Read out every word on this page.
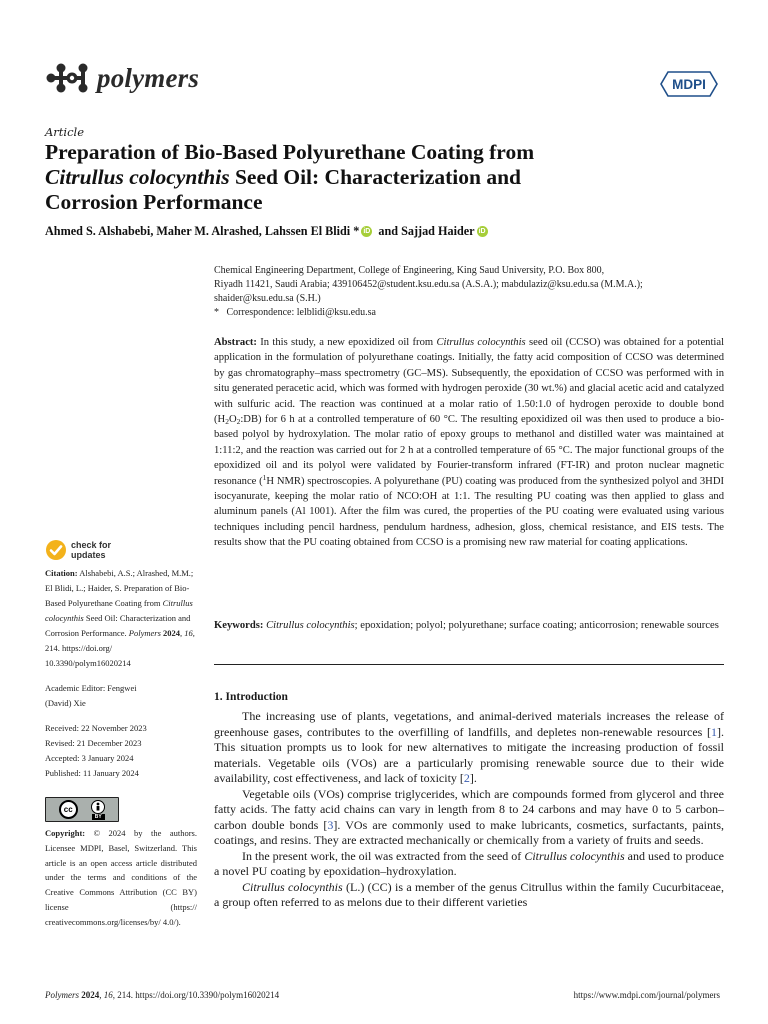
polymers	MDPI
Article
Preparation of Bio-Based Polyurethane Coating from
Citrullus colocynthis Seed Oil: Characterization and
Corrosion Performance
Ahmed S. Alshabebi, Maher M. Alrashed, Lahssen El Blidi * iD and Sajjad Haider iD

Chemical Engineering Department, College of Engineering, King Saud University, P.O. Box 800,

Riyadh 11421, Saudi Arabia; 439106452@student.ksu.edu.sa (A.S.A.); mabdulaziz@ksu.edu.sa (M.M.A.);

shaider@ksu.edu.sa (S.H.)

*   Correspondence: lelblidi@ksu.edu.sa

Abstract: In this study, a new epoxidized oil from Citrullus colocynthis seed oil (CCSO) was obtained for a potential application in the formulation of polyurethane coatings. Initially, the fatty acid composition of CCSO was determined by gas chromatography–mass spectrometry (GC–MS). Subsequently, the epoxidation of CCSO was performed with in situ generated peracetic acid, which was formed with hydrogen peroxide (30 wt.%) and glacial acetic acid and catalyzed with sulfuric acid. The reaction was continued at a molar ratio of 1.50:1.0 of hydrogen peroxide to double bond $(H_2O_2:DB)$ for 6 h at a controlled temperature of 60 °C. The resulting epoxidized oil was then used to produce a bio-based polyol by hydroxylation. The molar ratio of epoxy groups to methanol and distilled water was maintained at 1:11:2, and the reaction was carried out for 2 h at a controlled temperature of 65 °C. The major functional groups of the epoxidized oil and its polyol were validated by Fourier-transform infrared (FT-IR) and proton nuclear magnetic resonance ($^1$H NMR) spectroscopies. A polyurethane (PU) coating was produced from the synthesized polyol and 3HDI isocyanurate, keeping the molar ratio of NCO:OH at 1:1. The resulting PU coating was then applied to glass and aluminum panels (Al 1001). After the film was cured, the properties of the PU coating were evaluated using various techniques including pencil hardness, pendulum hardness, adhesion, gloss, chemical resistance, and EIS tests. The results show that the PU coating obtained from CCSO is a promising new raw material for coating applications.
Keywords: Citrullus colocynthis; epoxidation; polyol; polyurethane; surface coating; anticorrosion; renewable sources
check for
updates

Citation: Alshabebi, A.S.; Alrashed, M.M.; El Blidi, L.; Haider, S. Preparation of Bio-Based Polyurethane Coating from Citrullus colocynthis Seed Oil: Characterization and Corrosion Performance. Polymers 2024, 16, 214. https://doi.org/ 10.3390/polym16020214

Academic Editor: Fengwei

(David) Xie

Received: 22 November 2023

Revised: 21 December 2023

Accepted: 3 January 2024

Published: 11 January 2024

cc
BY
Copyright: © 2024 by the authors. Licensee MDPI, Basel, Switzerland. This article is an open access article distributed under the terms and conditions of the Creative Commons Attribution (CC BY) license (https:// creativecommons.org/licenses/by/ 4.0/).
1. Introduction

The increasing use of plants, vegetations, and animal-derived materials increases the release of greenhouse gases, contributes to the overfilling of landfills, and depletes non-renewable resources [1]. This situation prompts us to look for new alternatives to mitigate the increasing production of fossil materials. Vegetable oils (VOs) are a particularly promising renewable source due to their wide availability, cost effectiveness, and lack of toxicity [2].

Vegetable oils (VOs) comprise triglycerides, which are compounds formed from glycerol and three fatty acids. The fatty acid chains can vary in length from 8 to 24 carbons and may have 0 to 5 carbon–carbon double bonds [3]. VOs are commonly used to make lubricants, cosmetics, surfactants, paints, coatings, and resins. They are extracted mechanically or chemically from a variety of fruits and seeds.

In the present work, the oil was extracted from the seed of Citrullus colocynthis and used to produce a novel PU coating by epoxidation–hydroxylation.

Citrullus colocynthis (L.) (CC) is a member of the genus Citrullus within the family Cucurbitaceae, a group often referred to as melons due to their different varieties

Polymers 2024, 16, 214. https://doi.org/10.3390/polym16020214	https://www.mdpi.com/journal/polymers
